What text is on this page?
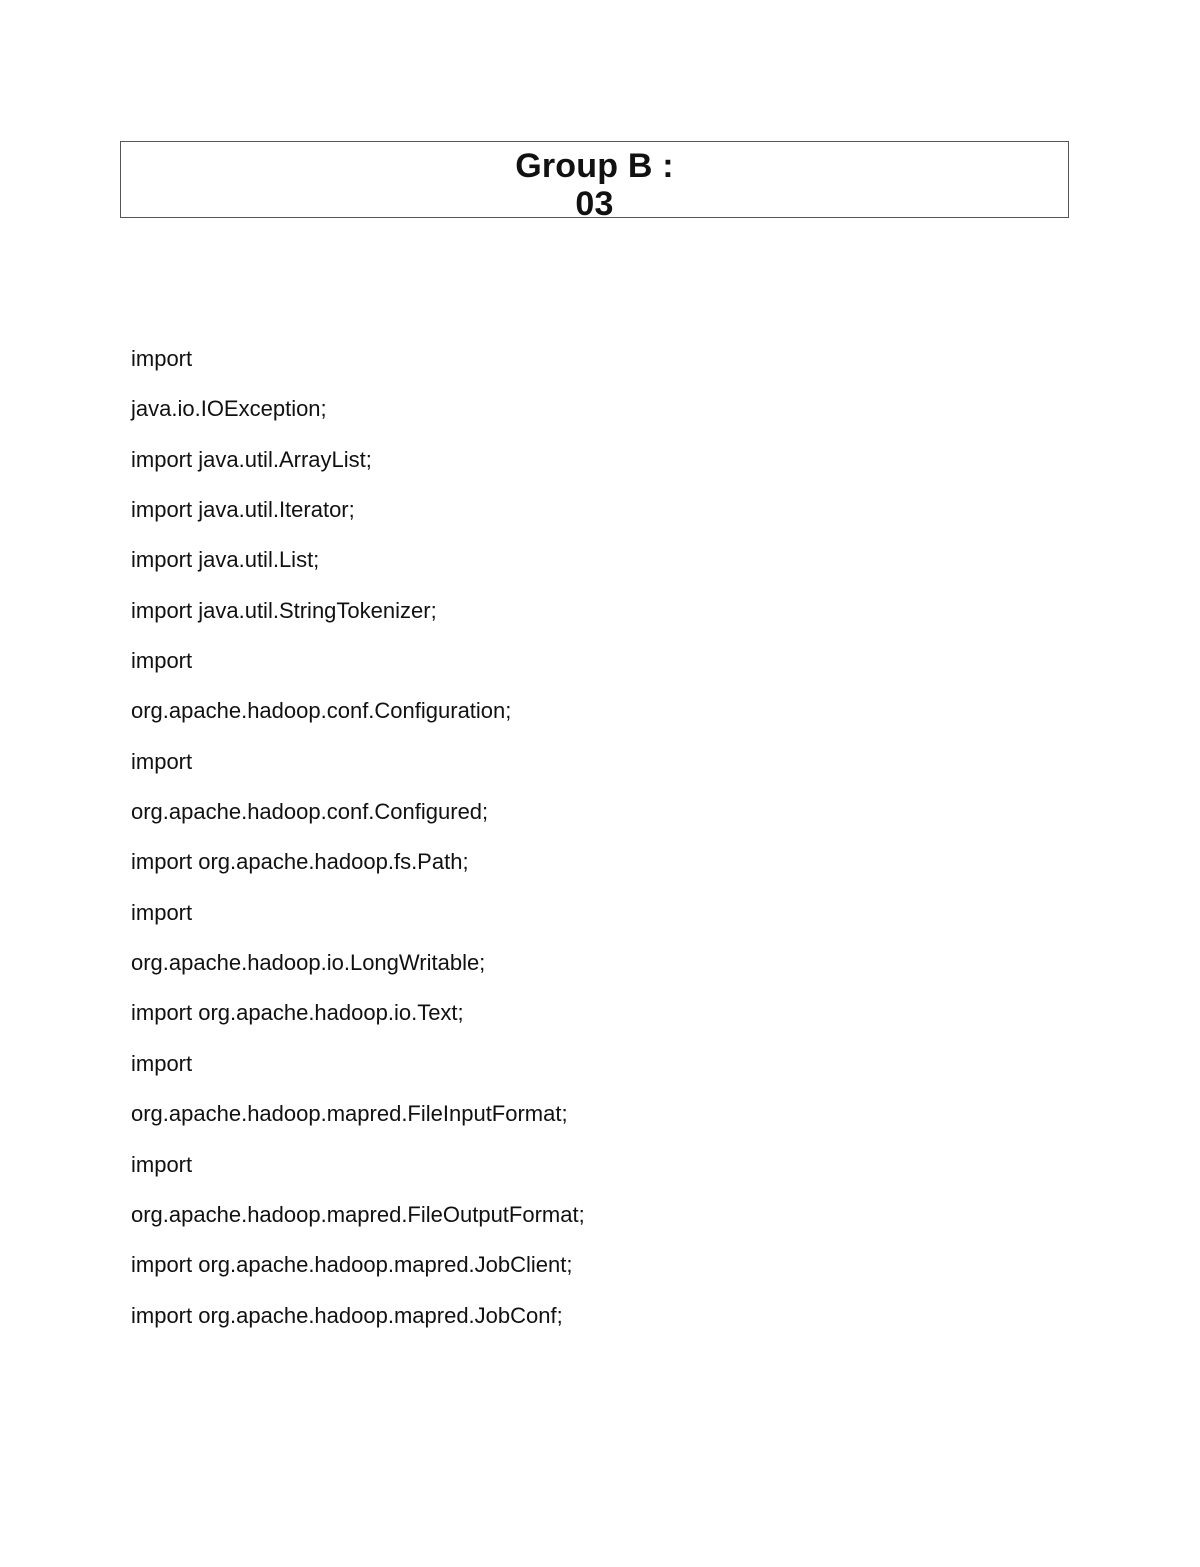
Group B :
03
import
java.io.IOException;
import java.util.ArrayList;
import java.util.Iterator;
import java.util.List;
import java.util.StringTokenizer;
import
org.apache.hadoop.conf.Configuration;
import
org.apache.hadoop.conf.Configured;
import org.apache.hadoop.fs.Path;
import
org.apache.hadoop.io.LongWritable;
import org.apache.hadoop.io.Text;
import
org.apache.hadoop.mapred.FileInputFormat;
import
org.apache.hadoop.mapred.FileOutputFormat;
import org.apache.hadoop.mapred.JobClient;
import org.apache.hadoop.mapred.JobConf;
